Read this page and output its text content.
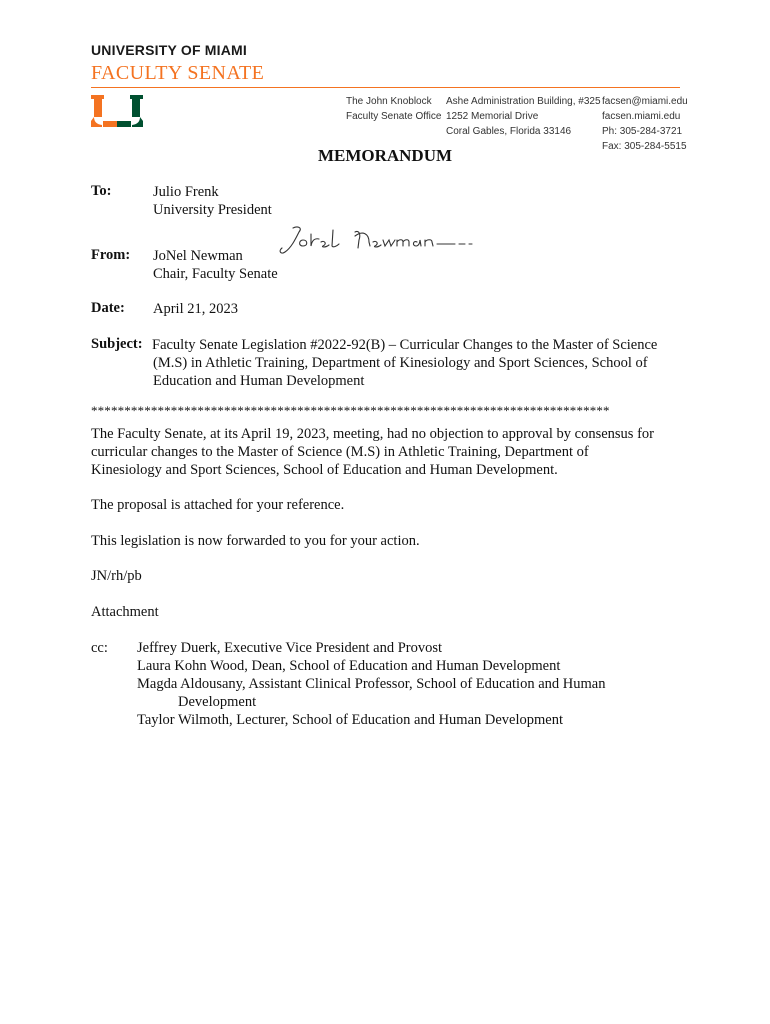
UNIVERSITY OF MIAMI
FACULTY SENATE
The John Knoblock
Faculty Senate Office
Ashe Administration Building, #325
1252 Memorial Drive
Coral Gables, Florida 33146
facsen@miami.edu
facsen.miami.edu
Ph: 305-284-3721
Fax: 305-284-5515
MEMORANDUM
To:	Julio Frenk
University President
From: JoNel Newman
Chair, Faculty Senate
Date: April 21, 2023
Subject: Faculty Senate Legislation #2022-92(B) – Curricular Changes to the Master of Science
(M.S) in Athletic Training, Department of Kinesiology and Sport Sciences, School of
Education and Human Development
******************************************************************************
The Faculty Senate, at its April 19, 2023, meeting, had no objection to approval by consensus for
curricular changes to the Master of Science (M.S) in Athletic Training, Department of
Kinesiology and Sport Sciences, School of Education and Human Development.
The proposal is attached for your reference.
This legislation is now forwarded to you for your action.
JN/rh/pb
Attachment
cc:	Jeffrey Duerk, Executive Vice President and Provost
Laura Kohn Wood, Dean, School of Education and Human Development
Magda Aldousany, Assistant Clinical Professor, School of Education and Human
Development
Taylor Wilmoth, Lecturer, School of Education and Human Development
